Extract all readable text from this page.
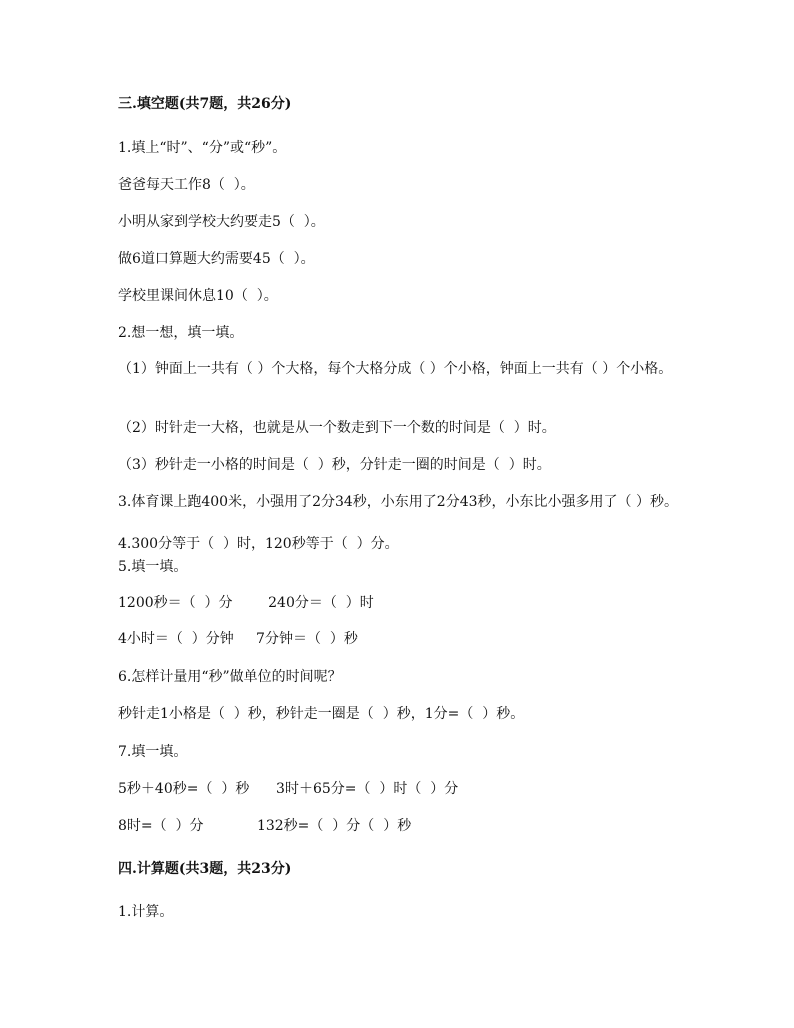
三.填空题(共7题，共26分)
1.填上“时”、“分”或“秒”。
爸爸每天工作8（  ）。
小明从家到学校大约要走5（  ）。
做6道口算题大约需要45（  ）。
学校里课间休息10（  ）。
2.想一想，填一填。
（1）钟面上一共有（ ）个大格，每个大格分成（ ）个小格，钟面上一共有（ ）个小格。
（2）时针走一大格，也就是从一个数走到下一个数的时间是（  ）时。
（3）秒针走一小格的时间是（  ）秒，分针走一圈的时间是（  ）时。
3.体育课上跑400米，小强用了2分34秒，小东用了2分43秒，小东比小强多用了（ ）秒。
4.300分等于（  ）时，120秒等于（  ）分。
5.填一填。
1200秒＝（  ）分        240分＝（  ）时
4小时＝（  ）分钟     7分钟＝（  ）秒
6.怎样计量用“秒”做单位的时间呢？
秒针走1小格是（  ）秒，秒针走一圈是（  ）秒，1分=（  ）秒。
7.填一填。
5秒＋40秒=（  ）秒      3时＋65分=（  ）时（  ）分
8时=（  ）分            132秒=（  ）分（  ）秒
四.计算题(共3题，共23分)
1.计算。
